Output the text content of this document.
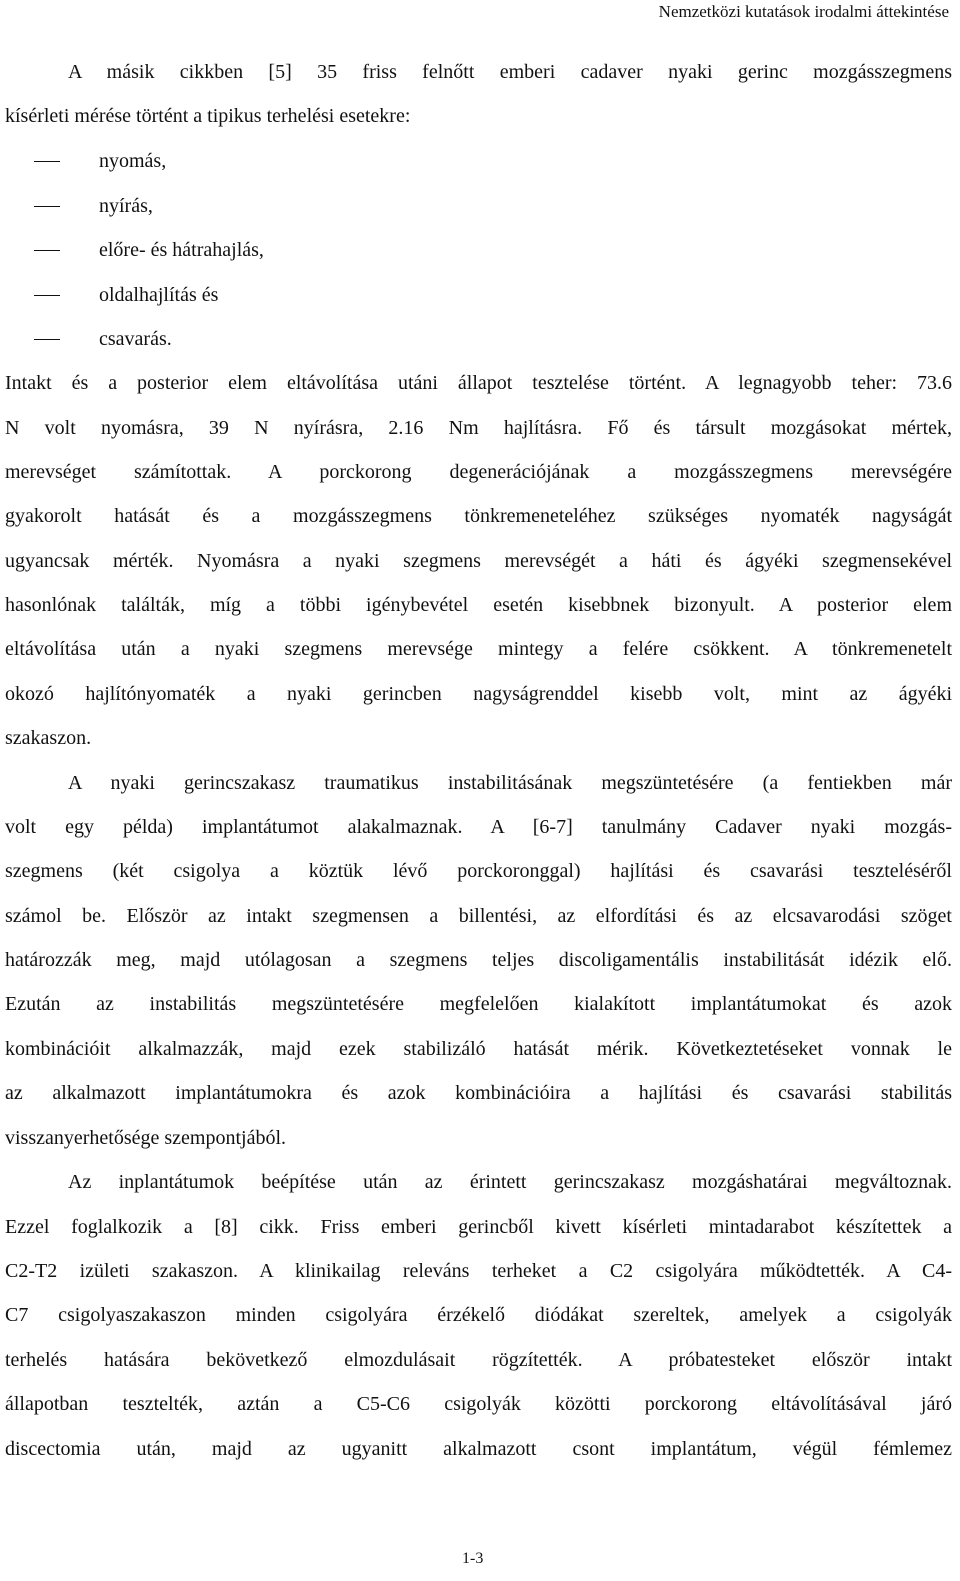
Nemzetközi kutatások irodalmi áttekintése
A másik cikkben [5] 35 friss felnőtt emberi cadaver nyaki gerinc mozgásszegmens
kísérleti mérése történt a tipikus terhelési esetekre:
nyomás,
nyírás,
előre- és hátrahajlás,
oldalhajlítás és
csavarás.
Intakt és a posterior elem eltávolítása utáni állapot tesztelése történt. A legnagyobb teher: 73.6
N volt nyomásra, 39 N nyírásra, 2.16 Nm hajlításra. Fő és társult mozgásokat mértek,
merevséget számítottak. A porckorong degenerációjának a mozgásszegmens merevségére
gyakorolt hatását és a mozgásszegmens tönkremeneteléhez szükséges nyomaték nagyságát
ugyancsak mérték. Nyomásra a nyaki szegmens merevségét a háti és ágyéki szegmensekével
hasonlónak találták, míg a többi igénybevétel esetén kisebbnek bizonyult. A posterior elem
eltávolítása után a nyaki szegmens merevsége mintegy a felére csökkent. A tönkremenetelt
okozó hajlítónyomaték a nyaki gerincben nagyságrenddel kisebb volt, mint az ágyéki
szakaszon.
A nyaki gerincszakasz traumatikus instabilitásának megszüntetésére (a fentiekben már
volt egy példa) implantátumot alakalmaznak. A [6-7] tanulmány Cadaver nyaki mozgás-
szegmens (két csigolya a köztük lévő porckoronggal) hajlítási és csavarási teszteléséről
számol be. Először az intakt szegmensen a billentési, az elfordítási és az elcsavarodási szöget
határozzák meg, majd utólagosan a szegmens teljes discoligamentális instabilitását idézik elő.
Ezután az instabilitás megszüntetésére megfelelően kialakított implantátumokat és azok
kombinációit alkalmazzák, majd ezek stabilizáló hatását mérik. Következtetéseket vonnak le
az alkalmazott implantátumokra és azok kombinációira a hajlítási és csavarási stabilitás
visszanyerhetősége szempontjából.
Az inplantátumok beépítése után az érintett gerincszakasz mozgáshatárai megváltoznak.
Ezzel foglalkozik a [8] cikk. Friss emberi gerincből kivett kísérleti mintadarabot készítettek a
C2-T2 izületi szakaszon. A klinikailag releváns terheket a C2 csigolyára működtették. A C4-
C7 csigolyaszakaszon minden csigolyára érzékelő diódákat szereltek, amelyek a csigolyák
terhelés hatására bekövetkező elmozdulásait rögzítették. A próbatesteket először intakt
állapotban tesztelték, aztán a C5-C6 csigolyák közötti porckorong eltávolításával járó
discectomia után, majd az ugyanitt alkalmazott csont implantátum, végül fémlemez
1-3
